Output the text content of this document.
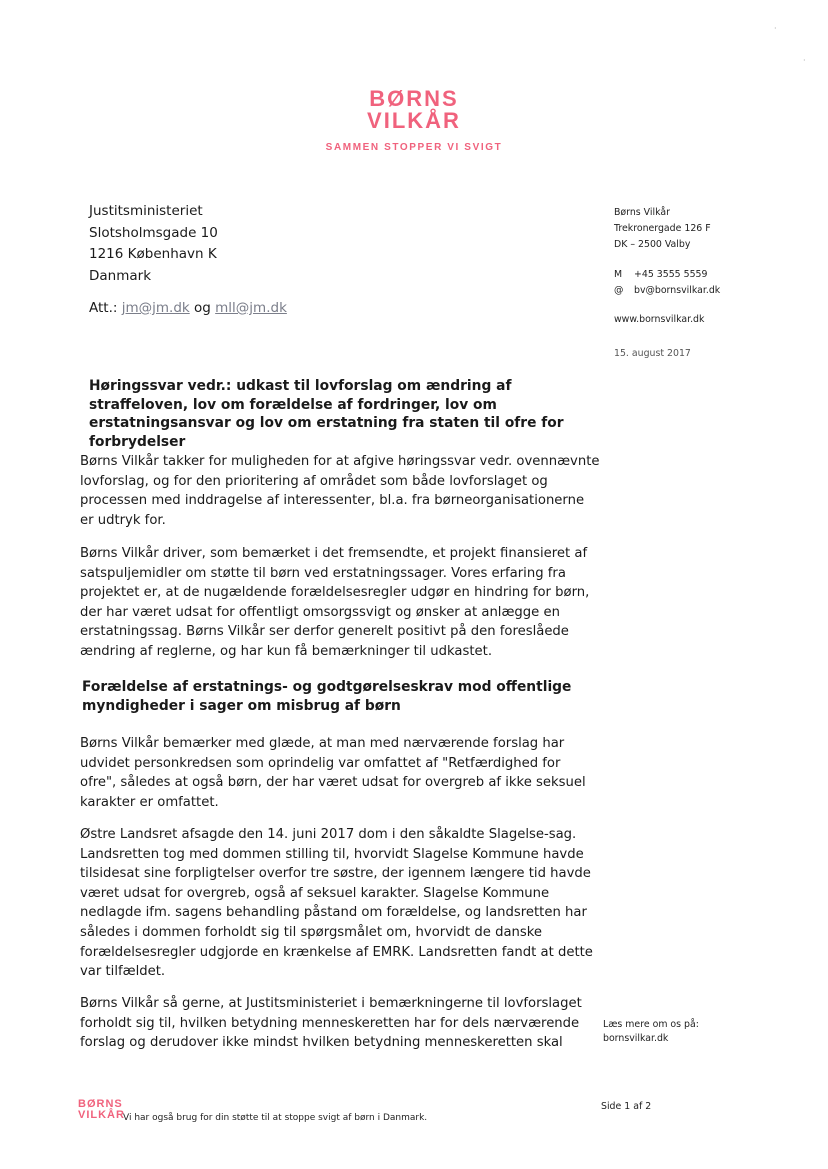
·
·
BØRNS
VILKÅR
SAMMEN STOPPER VI SVIGT
Justitsministeriet
Slotsholmsgade 10
1216 København K
Danmark
Att.: jm@jm.dk og mll@jm.dk
Børns Vilkår
Trekronergade 126 F
DK – 2500 Valby
M +45 3555 5559
@ bv@bornsvilkar.dk
www.bornsvilkar.dk
15. august 2017
Høringssvar vedr.: udkast til lovforslag om ændring af straffeloven, lov om forældelse af fordringer, lov om erstatningsansvar og lov om erstatning fra staten til ofre for forbrydelser
Børns Vilkår takker for muligheden for at afgive høringssvar vedr. ovennævnte lovforslag, og for den prioritering af området som både lovforslaget og processen med inddragelse af interessenter, bl.a. fra børneorganisationerne er udtryk for.
Børns Vilkår driver, som bemærket i det fremsendte, et projekt finansieret af satspuljemidler om støtte til børn ved erstatningssager. Vores erfaring fra projektet er, at de nugældende forældelsesregler udgør en hindring for børn, der har været udsat for offentligt omsorgssvigt og ønsker at anlægge en erstatningssag. Børns Vilkår ser derfor generelt positivt på den foreslåede ændring af reglerne, og har kun få bemærkninger til udkastet.
Forældelse af erstatnings- og godtgørelseskrav mod offentlige myndigheder i sager om misbrug af børn
Børns Vilkår bemærker med glæde, at man med nærværende forslag har udvidet personkredsen som oprindelig var omfattet af "Retfærdighed for ofre", således at også børn, der har været udsat for overgreb af ikke seksuel karakter er omfattet.
Østre Landsret afsagde den 14. juni 2017 dom i den såkaldte Slagelse-sag. Landsretten tog med dommen stilling til, hvorvidt Slagelse Kommune havde tilsidesat sine forpligtelser overfor tre søstre, der igennem længere tid havde været udsat for overgreb, også af seksuel karakter. Slagelse Kommune nedlagde ifm. sagens behandling påstand om forældelse, og landsretten har således i dommen forholdt sig til spørgsmålet om, hvorvidt de danske forældelsesregler udgjorde en krænkelse af EMRK. Landsretten fandt at dette var tilfældet.
Børns Vilkår så gerne, at Justitsministeriet i bemærkningerne til lovforslaget forholdt sig til, hvilken betydning menneskeretten har for dels nærværende forslag og derudover ikke mindst hvilken betydning menneskeretten skal
Læs mere om os på:
bornsvilkar.dk
BØRNS
VILKÅR
Vi har også brug for din støtte til at stoppe svigt af børn i Danmark.
Side 1 af 2
